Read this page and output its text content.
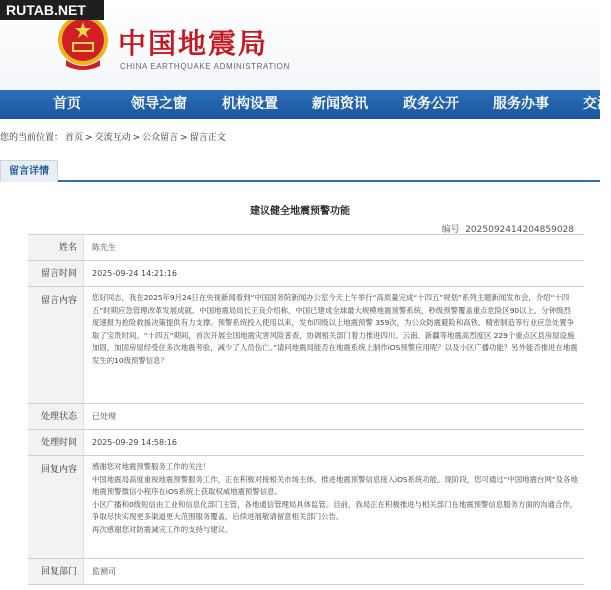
RUTAB.NET
中国地震局
CHINA EARTHQUAKE ADMINISTRATION
首页	领导之窗	机构设置 新闻资讯	政务公开 服务办事 交流
您的当前位置： 首页 > 交流互动 > 公众留言 > 留言正文
留言详情
建议健全地震预警功能
编号 2025092414204859028
姓名	陈先生
留言时间	2025-09-24 14:21:16
留言内容	您好同志，我在2025年9月24日在央视新闻看到“中国国务院新闻办公室今天上午举行“高质量完成“十四五”规划”系列主题新闻发布会，介绍“十四五”时期应急管理改革发展成就。中国地震局局长王良介绍称，中国已建成全球最大规模地震预警系统，秒级预警覆盖重点危险区90以上，分钟级烈度速报为抢险救援决策提供有力支撑。预警系统投入使用以来，发布四级以上地震预警 359次，为公众防震避险和高铁、精密制造等行业应急处置争取了宝贵时间。“十四五”期间，首次开展全国地震灾害风险普查，协调相关部门着力推进四川、云南、新疆等地震高烈度区 229个重点区县房屋设施加固，加固房屋经受住多次地震考验，减少了人员伤亡。”请问地震局能否在地震系统上制作iOS预警应用呢？以及小区广播功能？另外能否推进在地震发生的10级预警信息？
处理状态	已处理
处理时间	2025-09-29 14:58:16
回复内容	感谢您对地震预警服务工作的关注！

中国地震局高度重视地震预警服务工作，正在积极对接相关市场主体，推进地震预警信息接入iOS系统功能。现阶段，您可通过“中国地震台网”及各地地震预警微信小程序在iOS系统上获取权威地震预警信息。

小区广播和0级短信由工业和信息化部门主管，各地通信管理局具体监管。目前，我局正在积极推进与相关部门在地震预警信息服务方面的沟通合作，争取尽快实现更多渠道更大范围服务覆盖，后续进展敬请留意相关部门公告。

再次感谢您对防震减灾工作的支持与建议。

回复部门	监测司
